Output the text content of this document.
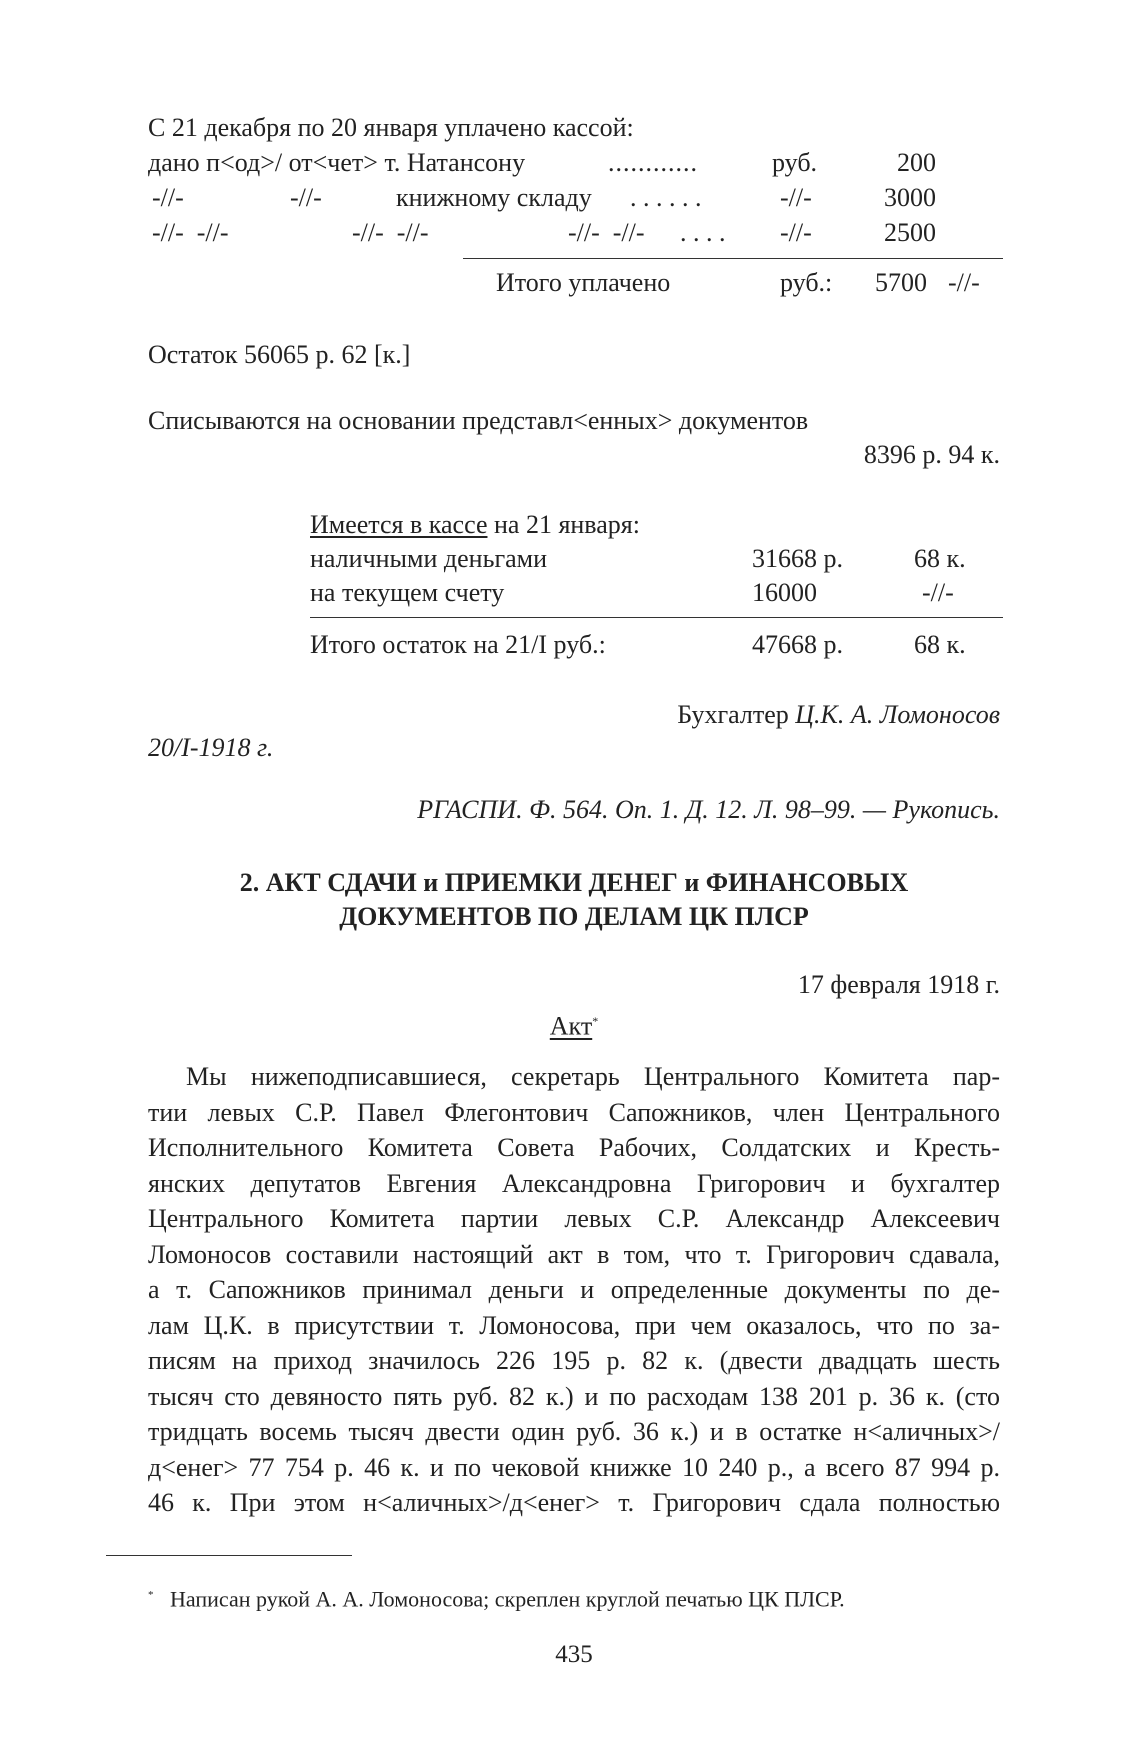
С 21 декабря по 20 января уплачено кассой:
дано п<од>/ от<чет> т. Натансону	............	руб.	200
-//-	-//-	книжному складу . . . . . .	-//-	3000
-//-  -//-	-//-  -//-	-//-  -//- . . . . -//-	2500
Итого уплачено	руб.: 5700 -//-
Остаток 56065 р. 62 [к.]
Списываются на основании представл<енных> документов
8396 р. 94 к.
Имеется в кассе на 21 января:
наличными деньгами	31668 р.	68 к.
на текущем счету	16000	-//-
Итого остаток на 21/I руб.:	47668 р.	68 к.
Бухгалтер Ц.К. А. Ломоносов
20/I-1918 г.
РГАСПИ. Ф. 564. Оп. 1. Д. 12. Л. 98–99. — Рукопись.
2. АКТ СДАЧИ и ПРИЕМКИ ДЕНЕГ и ФИНАНСОВЫХ
ДОКУМЕНТОВ ПО ДЕЛАМ ЦК ПЛСР
17 февраля 1918 г.
Акт*
Мы нижеподписавшиеся, секретарь Центрального Комитета пар-
тии левых С.Р. Павел Флегонтович Сапожников, член Центрального
Исполнительного Комитета Совета Рабочих, Солдатских и Кресть-
янских депутатов Евгения Александровна Григорович и бухгалтер
Центрального Комитета партии левых С.Р. Александр Алексеевич
Ломоносов составили настоящий акт в том, что т. Григорович сдавала,
а т. Сапожников принимал деньги и определенные документы по де-
лам Ц.К. в присутствии т. Ломоносова, при чем оказалось, что по за-
писям на приход значилось 226 195 р. 82 к. (двести двадцать шесть
тысяч сто девяносто пять руб. 82 к.) и по расходам 138 201 р. 36 к. (сто
тридцать восемь тысяч двести один руб. 36 к.) и в остатке н<аличных>/
д<енег> 77 754 р. 46 к. и по чековой книжке 10 240 р., а всего 87 994 р.
46 к. При этом н<аличных>/д<енег> т. Григорович сдала полностью
* Написан рукой А. А. Ломоносова; скреплен круглой печатью ЦК ПЛСР.
435
